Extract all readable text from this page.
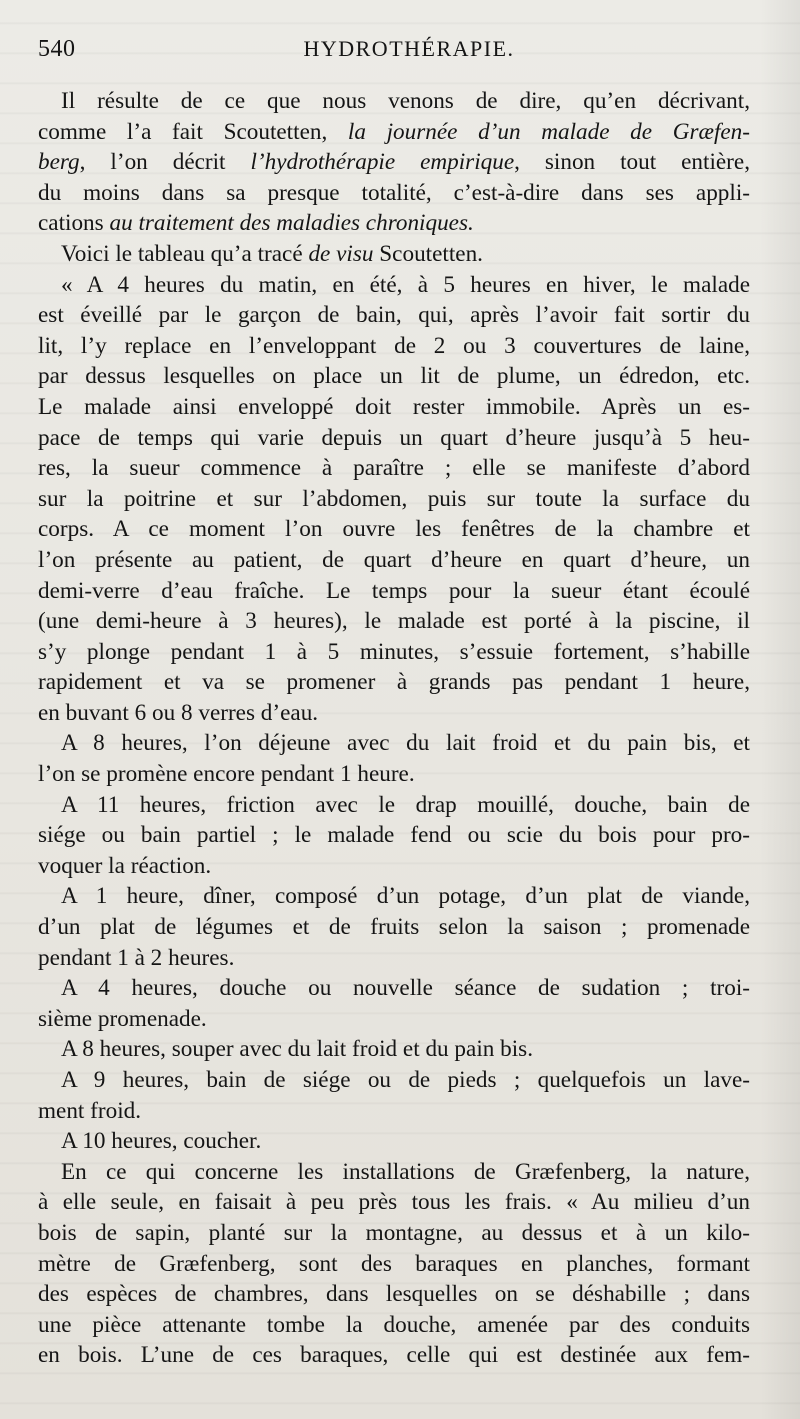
540	HYDROTHÉRAPIE.
Il résulte de ce que nous venons de dire, qu’en décrivant,
comme l’a fait Scoutetten, la journée d’un malade de Græfen-
berg, l’on décrit l’hydrothérapie empirique, sinon tout entière,
du moins dans sa presque totalité, c’est-à-dire dans ses appli-
cations au traitement des maladies chroniques.
Voici le tableau qu’a tracé de visu Scoutetten.
« A 4 heures du matin, en été, à 5 heures en hiver, le malade
est éveillé par le garçon de bain, qui, après l’avoir fait sortir du
lit, l’y replace en l’enveloppant de 2 ou 3 couvertures de laine,
par dessus lesquelles on place un lit de plume, un édredon, etc.
Le malade ainsi enveloppé doit rester immobile. Après un es-
pace de temps qui varie depuis un quart d’heure jusqu’à 5 heu-
res, la sueur commence à paraître ; elle se manifeste d’abord
sur la poitrine et sur l’abdomen, puis sur toute la surface du
corps. A ce moment l’on ouvre les fenêtres de la chambre et
l’on présente au patient, de quart d’heure en quart d’heure, un
demi-verre d’eau fraîche. Le temps pour la sueur étant écoulé
(une demi-heure à 3 heures), le malade est porté à la piscine, il
s’y plonge pendant 1 à 5 minutes, s’essuie fortement, s’habille
rapidement et va se promener à grands pas pendant 1 heure,
en buvant 6 ou 8 verres d’eau.
A 8 heures, l’on déjeune avec du lait froid et du pain bis, et
l’on se promène encore pendant 1 heure.
A 11 heures, friction avec le drap mouillé, douche, bain de
siége ou bain partiel ; le malade fend ou scie du bois pour pro-
voquer la réaction.
A 1 heure, dîner, composé d’un potage, d’un plat de viande,
d’un plat de légumes et de fruits selon la saison ; promenade
pendant 1 à 2 heures.
A 4 heures, douche ou nouvelle séance de sudation ; troi-
sième promenade.
A 8 heures, souper avec du lait froid et du pain bis.
A 9 heures, bain de siége ou de pieds ; quelquefois un lave-
ment froid.
A 10 heures, coucher.
En ce qui concerne les installations de Græfenberg, la nature,
à elle seule, en faisait à peu près tous les frais. « Au milieu d’un
bois de sapin, planté sur la montagne, au dessus et à un kilo-
mètre de Græfenberg, sont des baraques en planches, formant
des espèces de chambres, dans lesquelles on se déshabille ; dans
une pièce attenante tombe la douche, amenée par des conduits
en bois. L’une de ces baraques, celle qui est destinée aux fem-
